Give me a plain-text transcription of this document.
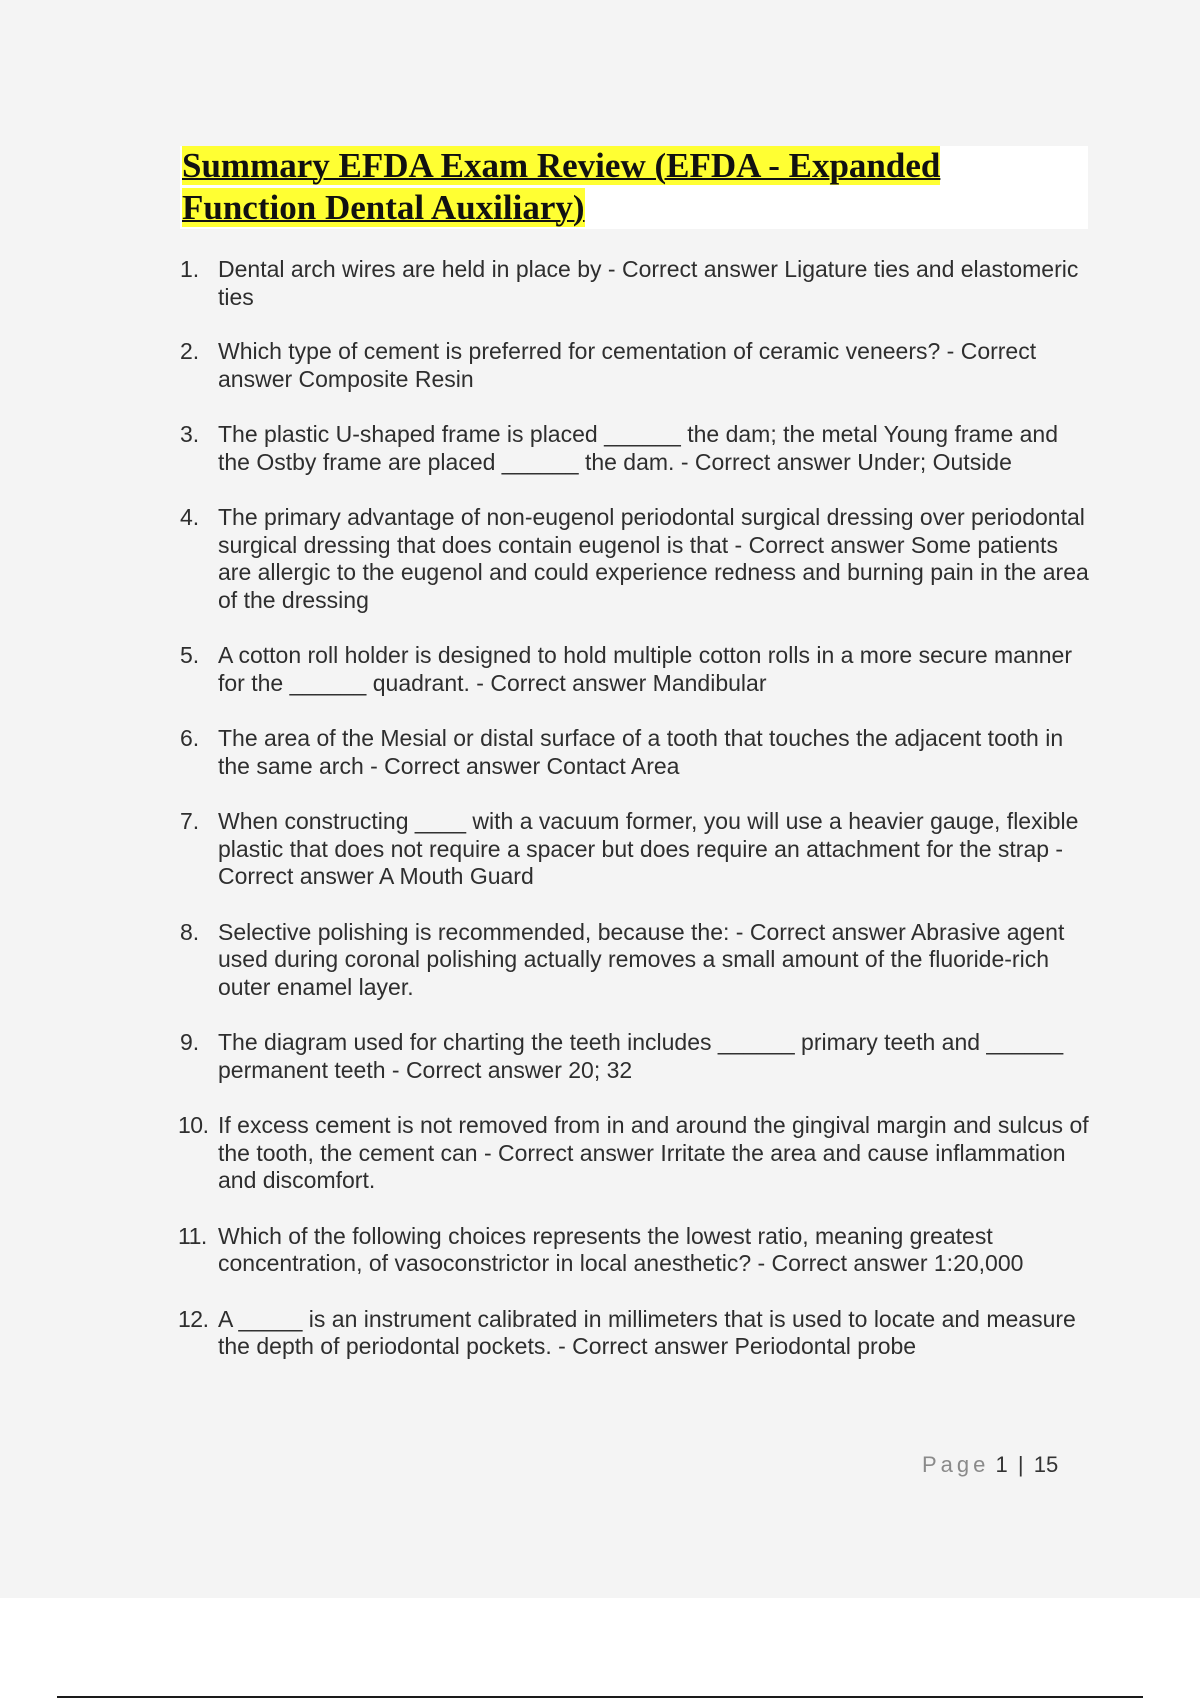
Summary EFDA Exam Review (EFDA - Expanded
Function Dental Auxiliary)
1. Dental arch wires are held in place by - Correct answer Ligature ties and elastomeric ties
2. Which type of cement is preferred for cementation of ceramic veneers? - Correct answer Composite Resin
3. The plastic U-shaped frame is placed ______ the dam; the metal Young frame and the Ostby frame are placed ______ the dam. - Correct answer Under; Outside
4. The primary advantage of non-eugenol periodontal surgical dressing over periodontal surgical dressing that does contain eugenol is that - Correct answer Some patients are allergic to the eugenol and could experience redness and burning pain in the area of the dressing
5. A cotton roll holder is designed to hold multiple cotton rolls in a more secure manner for the ______ quadrant. - Correct answer Mandibular
6. The area of the Mesial or distal surface of a tooth that touches the adjacent tooth in the same arch - Correct answer Contact Area
7. When constructing ____ with a vacuum former, you will use a heavier gauge, flexible plastic that does not require a spacer but does require an attachment for the strap - Correct answer A Mouth Guard
8. Selective polishing is recommended, because the: - Correct answer Abrasive agent used during coronal polishing actually removes a small amount of the fluoride-rich outer enamel layer.
9. The diagram used for charting the teeth includes ______ primary teeth and ______ permanent teeth - Correct answer 20; 32
10. If excess cement is not removed from in and around the gingival margin and sulcus of the tooth, the cement can - Correct answer Irritate the area and cause inflammation and discomfort.
11. Which of the following choices represents the lowest ratio, meaning greatest concentration, of vasoconstrictor in local anesthetic? - Correct answer 1:20,000
12. A _____ is an instrument calibrated in millimeters that is used to locate and measure the depth of periodontal pockets. - Correct answer Periodontal probe
Page 1 | 15
